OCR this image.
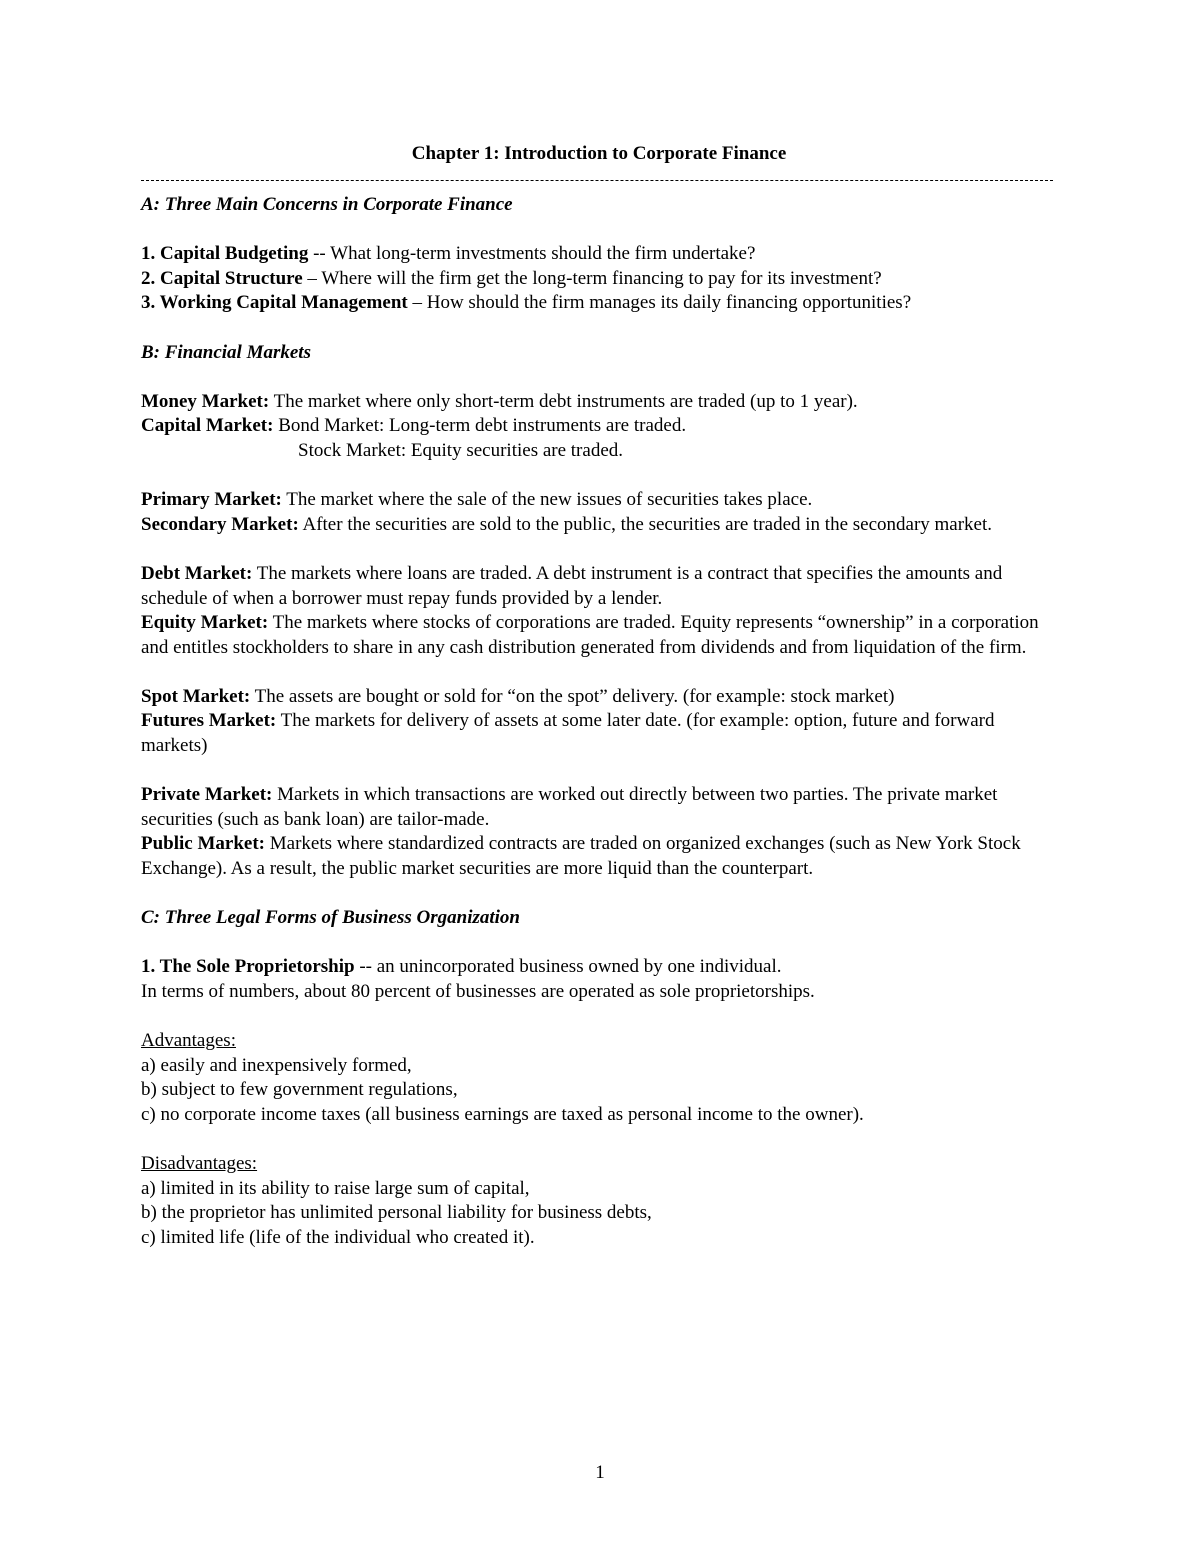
Chapter 1: Introduction to Corporate Finance

A: Three Main Concerns in Corporate Finance

1. Capital Budgeting -- What long-term investments should the firm undertake?

2. Capital Structure – Where will the firm get the long-term financing to pay for its investment?

3. Working Capital Management – How should the firm manages its daily financing opportunities?

B: Financial Markets

Money Market: The market where only short-term debt instruments are traded (up to 1 year).

Capital Market: Bond Market: Long-term debt instruments are traded.

Stock Market: Equity securities are traded.

Primary Market: The market where the sale of the new issues of securities takes place.

Secondary Market: After the securities are sold to the public, the securities are traded in the secondary market.

Debt Market: The markets where loans are traded. A debt instrument is a contract that specifies the amounts and schedule of when a borrower must repay funds provided by a lender.

Equity Market: The markets where stocks of corporations are traded. Equity represents “ownership” in a corporation and entitles stockholders to share in any cash distribution generated from dividends and from liquidation of the firm.

Spot Market: The assets are bought or sold for “on the spot” delivery. (for example: stock market)

Futures Market: The markets for delivery of assets at some later date. (for example: option, future and forward markets)

Private Market: Markets in which transactions are worked out directly between two parties. The private market securities (such as bank loan) are tailor-made.

Public Market: Markets where standardized contracts are traded on organized exchanges (such as New York Stock Exchange). As a result, the public market securities are more liquid than the counterpart.

C: Three Legal Forms of Business Organization

1. The Sole Proprietorship -- an unincorporated business owned by one individual.

In terms of numbers, about 80 percent of businesses are operated as sole proprietorships.

Advantages:

a) easily and inexpensively formed,

b) subject to few government regulations,

c) no corporate income taxes (all business earnings are taxed as personal income to the owner).

Disadvantages:

a) limited in its ability to raise large sum of capital,

b) the proprietor has unlimited personal liability for business debts,

c) limited life (life of the individual who created it).

1
